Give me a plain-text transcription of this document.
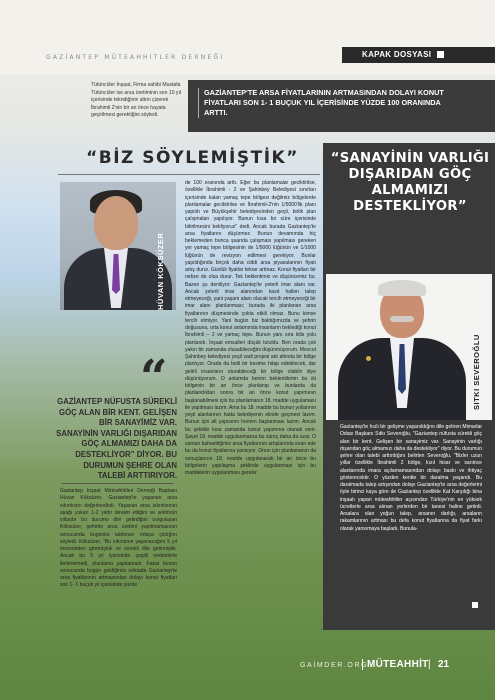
GAZİANTEP MÜTEAHHİTLER DERNEĞİ	KAPAK DOSYASI
Tütüncüler İnşaat, Firma sahibi Mustafa Tütüncüler ise arsa üretiminin son 10 yıl içerisinde tekndiğinin altını çizerek İbrahimli 2'nin bir an önce hayata geçirilmesi gerektiğini söyledi.
GAZİANTEP'TE ARSA FİYATLARININ ARTMASINDAN DOLAYI KONUT FİYATLARI SON 1- 1 BUÇUK YIL İÇERİSİNDE YÜZDE 100 ORANINDA ARTTI.
“BİZ SÖYLEMİŞTİK”
HÜVAN KÖKSÜZER
“
GAZİANTEP NÜFUSTA SÜREKLİ GÖÇ ALAN BİR KENT. GELİŞEN BİR SANAYİMİZ VAR. SANAYİNİN VARLIĞI DIŞARIDAN GÖÇ ALMAMIZI DAHA DA DESTEKLİYOR” DİYOR. BU DURUMUN ŞEHRE OLAN TALEBİ ARTTIRIYOR.
Gaziantep İnşaat Müteahhitleri Derneği Başkanı Hüvan Köksüzer, Gaziantep'te yaşanan arsa sıkıntısını değerlendirdi. Yaşanan arsa sıkıntısının aşağı yukarı 1-2 yıldır devam ettiğini ve sektörün yıllardır bu durumu dile getirdiğini vurgulayan Köksüzer, şehirde arsa üretimi yapılmamasının sonucunda bugünkü tablonun ortaya çıktığını söyledi. Köksüzer, "Bu sıkıntının yaşanacağını 5 yıl öncesinden görmüştük ve sürekli dile getirmiştik. Ancak bu 5 yıl içerisinde çeşitli nedenlerle ilerlenemedi, planlama yapılamadı. Fakat bunun sonucunda bugün geldiğimiz noktada Gaziantep'te arsa fiyatlarının artmasından dolayı konut fiyatları son 1- 1 buçuk yıl içerisinde yüzde
de 100 oranında arttı. Eğer bu planlamalar geciktirilse, özellikle İbrahimli - 2 ve Şahinbey Belediyesi sınırları içerisinde kalan yamaç tepe bölgesi değilmiz bölgelerde planlamalar geciktirilse ve İbrahimli-2'nin 1/5000'lik planı yapıldı ve Büyükşehir belediyesinden geçti, birlik plan çalışmaları yapılıyor. Bunun kısa bir süre içerisinde bitirilmesini bekliyoruz" dedi. Ancak burada Gaziantep'te arsa fiyatlarını düşürmez. Bunun devamında hiç beklemeden bunca şuanda çalışması yapılması gereken yer yamaç tepe bölgesinin de 1/5000 lüğünün ve 1/1000 lüğünün de revizyon edilmesi gerekiyor. Bunlar yapıldığında birçok daha ciddi arsa piyasalarının fiyatı artış durur. Günlük fiyatlar tekrar artmaz. Konut fiyatları bir nebze de olsa durur. Tek beklentimiz ve düşüncemiz bu. Bazen şu deniliyor: Gaziantep'te yeterli imar alanı var. Ancak yeterli imar alanından kasıt hallen talep etmeyeceği, yani yaşam alanı olacak tercih etmeyeceği bir imar alanı planlanması; burada iki planlanan arsa fiyatlarının düşmesinde çokta etkili olmaz. Bunu kimse tercih etmiyor. Yani bugün biz baktığımızda ve şehrin doğusuna, orta konut anlamında insanların beklediği konut İbrahimli – 2 ve yamaç tepe. Bunun yanı sıra kilis yolu planlandı. İnşaat emsalleri düşük tutuldu. Ben orada çok yakın bir zamanda olusabileceğini düşünmüyorum. Mevcut Şahinbey belediyesi yeşil vadi projesi adı altında bir bölge planlıyor. Orada da belli bir kesime hitap edebilecek, dar gelirli insanların oturabileceği bir bölge olabilir diye düşünüyorum. O anlamda benim beklentilerim bu iki bölgenin bir an önce planlanıp ve bunlarda da planlandıktan sonra bir an önce konut yapımının başlanabilmesi için bu planlamanın 18. madde uygulaması ile yapılması lazım. Ama bu 18. madde bu bunun yollarının yeşil alanlarının hatta belediyenin elinde geçmesi lazım. Bunun için alt yapısının hemen başlanması lazım. Ancak bu şekilde kısa zamanda konut yapımına olanak verir. Şayet 18. madde uygulanmazsa bu süreç daha da uzar. O zaman bahsettiğimiz arsa fiyatlarının artışlarında evan ede bu da konut fiyatlarına yansıyor. Onun için planlamanın da sonuçlanırın 18. madde uygulanarak bir an önce bu bölgelerin yapılaşma şeklinde uygulanması için bu maddelerin uygulanması gerekir
“SANAYİNİN VARLIĞI DIŞARIDAN GÖÇ ALMAMIZI DESTEKLİYOR”
SITKI SEVEROĞLU
Gaziantep'te hızlı bir gelişme yaşanıldığını dile getiren Mimarlar Odası Başkanı Sıtkı Severoğlu, "Gaziantep nüfusta sürekli göç alan bir kent. Gelişen bir sanayimiz var. Sanayinin varlığı dışarıdan göç almamızı daha da destekliyor" diyor. Bu durumun şehre olan talebi arttırdığını belirten Severoğlu, "Bizler uzun yıllar özellikle İbrahimli 2 bölge, kızıl hisar ve sarıince alanlarında imara açılamamasından dolayı baskı ve ihtiyaç gösterecektir. O yüzden kentte bir daralma yaşandı. Bu daralmada talep artışından dolayı Gaziantep'te arsa değerlerini öyle birinci kaya göre de Gaziantep özellikle Kat Karşılığı bina inşaatı yapan müteahhitler açısından Türkiye'nin en yüksek ücretlerle arsa alınan yerlerden bir tanesi haline getirdi. Arsalara olan yoğun talep, arsanın darlığı, arsaların rakamlarının artması bu defa konut fiyatlarına da fiyat farkı olarak yansımaya başladı. Bunula-
GAİMDER.ORG
MÜTEAHHİT | 21
